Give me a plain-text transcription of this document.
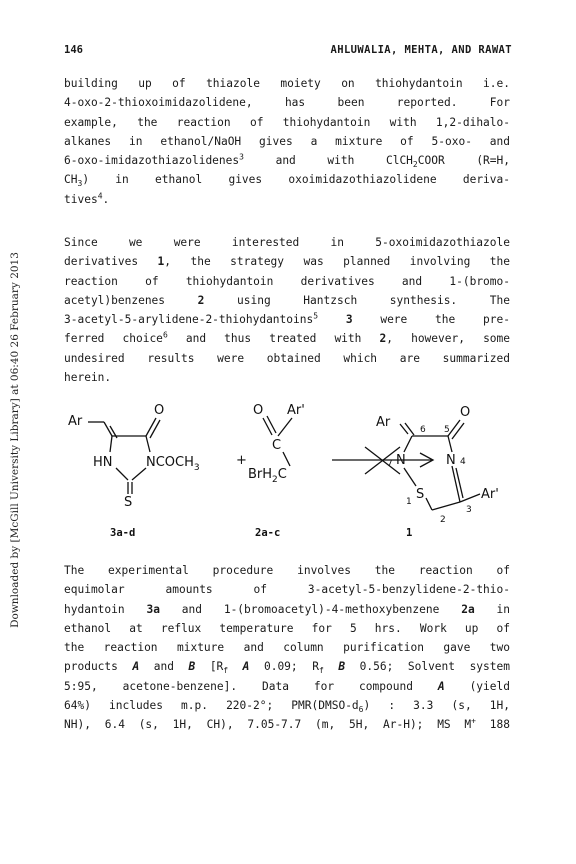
Downloaded by [McGill University Library] at 06:40 26 February 2013
146	AHLUWALIA, MEHTA, AND RAWAT
building up of thiazole moiety on thiohydantoin i.e.
4-oxo-2-thioxoimidazolidene, has been reported. For
example, the reaction of thiohydantoin with 1,2-dihalo-
alkanes in ethanol/NaOH gives a mixture of 5-oxo- and
6-oxo-imidazothiazolidenes$^3$ and with ClCH$_2$COOR (R=H,
$CH_3$) in ethanol gives oxoimidazothiazolidene deriva-
tives$^4$.
Since we were interested in 5-oxoimidazothiazole
derivatives 1, the strategy was planned involving the
reaction of thiohydantoin derivatives and 1-(bromo-
acetyl)benzenes 2 using Hantzsch synthesis. The
3-acetyl-5-arylidene-2-thiohydantoins$^5$ 3 were the pre-
ferred choice$^6$ and thus treated with 2, however, some
undesired results were obtained which are summarized
herein.
Ar
O
HN	$NCOCH_3$
S
+
O Ar'
C
BrH$_2$C
Ar	6 5
O
7 N	N 4
1 S
2
3
Ar'
3a-d	2a-c	1
The experimental procedure involves the reaction of
equimolar amounts of 3-acetyl-5-benzylidene-2-thio-
hydantoin 3a and 1-(bromoacetyl)-4-methoxybenzene 2a in
ethanol at reflux temperature for 5 hrs. Work up of
the reaction mixture and column purification gave two
products A and B [$R_f$ A 0.09; $R_f$ B 0.56; Solvent system
5:95, acetone-benzene]. Data for compound A (yield
64%) includes m.p. 220-2°; $PMR(DMSO-d_6)$ : 3.3 (s, 1H,
NH), 6.4 (s, 1H, CH), 7.05-7.7 (m, 5H, Ar-H); MS M+ 188
